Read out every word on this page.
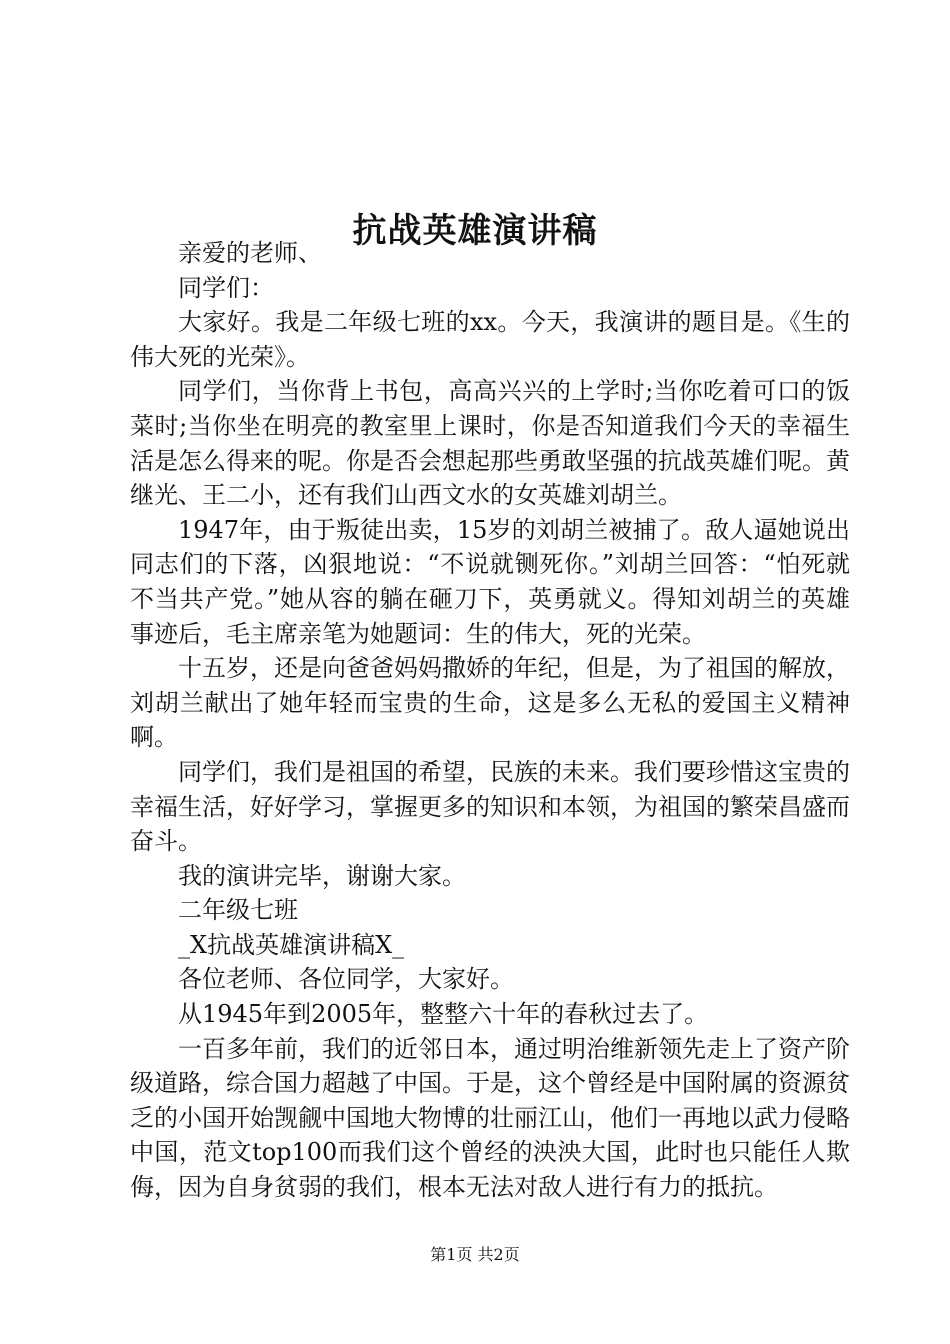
抗战英雄演讲稿

亲爱的老师、

同学们：

大家好。我是二年级七班的xx。今天，我演讲的题目是。《生的伟大死的光荣》。

同学们，当你背上书包，高高兴兴的上学时;当你吃着可口的饭菜时;当你坐在明亮的教室里上课时，你是否知道我们今天的幸福生活是怎么得来的呢。你是否会想起那些勇敢坚强的抗战英雄们呢。黄继光、王二小，还有我们山西文水的女英雄刘胡兰。

1947年，由于叛徒出卖，15岁的刘胡兰被捕了。敌人逼她说出同志们的下落，凶狠地说：“不说就铡死你。”刘胡兰回答：“怕死就不当共产党。”她从容的躺在砸刀下，英勇就义。得知刘胡兰的英雄事迹后，毛主席亲笔为她题词：生的伟大，死的光荣。

十五岁，还是向爸爸妈妈撒娇的年纪，但是，为了祖国的解放，刘胡兰献出了她年轻而宝贵的生命，这是多么无私的爱国主义精神啊。

同学们，我们是祖国的希望，民族的未来。我们要珍惜这宝贵的幸福生活，好好学习，掌握更多的知识和本领，为祖国的繁荣昌盛而奋斗。

我的演讲完毕，谢谢大家。

二年级七班

_X抗战英雄演讲稿X_

各位老师、各位同学，大家好。

从1945年到2005年，整整六十年的春秋过去了。

一百多年前，我们的近邻日本，通过明治维新领先走上了资产阶级道路，综合国力超越了中国。于是，这个曾经是中国附属的资源贫乏的小国开始觊觎中国地大物博的壮丽江山，他们一再地以武力侵略中国，范文top100而我们这个曾经的泱泱大国，此时也只能任人欺侮，因为自身贫弱的我们，根本无法对敌人进行有力的抵抗。

第1页 共2页
